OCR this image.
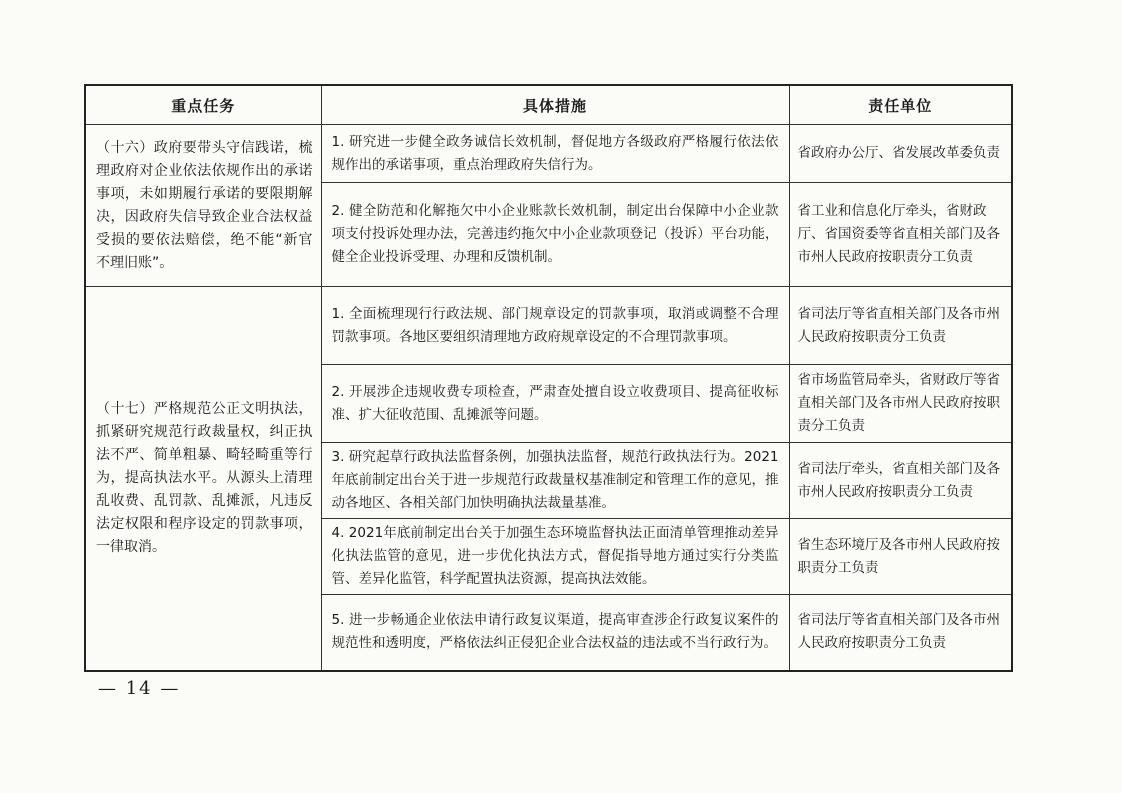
重点任务	具体措施	责任单位
（十六）政府要带头守信践诺，梳理政府对企业依法依规作出的承诺事项，未如期履行承诺的要限期解决，因政府失信导致企业合法权益受损的要依法赔偿，绝不能“新官不理旧账”。	1. 研究进一步健全政务诚信长效机制，督促地方各级政府严格履行依法依规作出的承诺事项，重点治理政府失信行为。	省政府办公厅、省发展改革委负责
	2. 健全防范和化解拖欠中小企业账款长效机制，制定出台保障中小企业款项支付投诉处理办法，完善违约拖欠中小企业款项登记（投诉）平台功能，健全企业投诉受理、办理和反馈机制。	省工业和信息化厅牵头，省财政厅、省国资委等省直相关部门及各市州人民政府按职责分工负责
（十七）严格规范公正文明执法，抓紧研究规范行政裁量权，纠正执法不严、简单粗暴、畸轻畸重等行为，提高执法水平。从源头上清理乱收费、乱罚款、乱摊派，凡违反法定权限和程序设定的罚款事项，一律取消。	1. 全面梳理现行行政法规、部门规章设定的罚款事项，取消或调整不合理罚款事项。各地区要组织清理地方政府规章设定的不合理罚款事项。	省司法厅等省直相关部门及各市州人民政府按职责分工负责
	2. 开展涉企违规收费专项检查，严肃查处擅自设立收费项目、提高征收标准、扩大征收范围、乱摊派等问题。	省市场监管局牵头，省财政厅等省直相关部门及各市州人民政府按职责分工负责
	3. 研究起草行政执法监督条例，加强执法监督，规范行政执法行为。2021年底前制定出台关于进一步规范行政裁量权基准制定和管理工作的意见，推动各地区、各相关部门加快明确执法裁量基准。	省司法厅牵头，省直相关部门及各市州人民政府按职责分工负责
	4. 2021年底前制定出台关于加强生态环境监督执法正面清单管理推动差异化执法监管的意见，进一步优化执法方式，督促指导地方通过实行分类监管、差异化监管，科学配置执法资源，提高执法效能。	省生态环境厅及各市州人民政府按职责分工负责
	5. 进一步畅通企业依法申请行政复议渠道，提高审查涉企行政复议案件的规范性和透明度，严格依法纠正侵犯企业合法权益的违法或不当行政行为。	省司法厅等省直相关部门及各市州人民政府按职责分工负责
— 14 —
